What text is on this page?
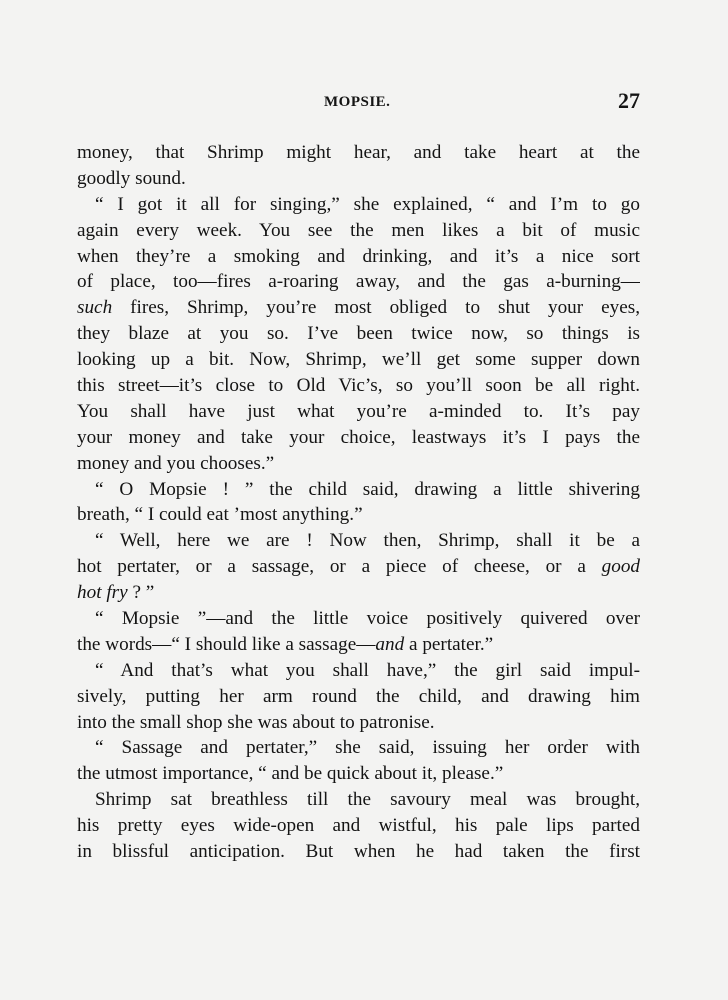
MOPSIE.	27
money, that Shrimp might hear, and take heart at the
goodly sound.
“ I got it all for singing,” she explained, “ and I’m to go
again every week. You see the men likes a bit of music
when they’re a smoking and drinking, and it’s a nice sort
of place, too—fires a-roaring away, and the gas a-burning—
such fires, Shrimp, you’re most obliged to shut your eyes,
they blaze at you so. I’ve been twice now, so things is
looking up a bit. Now, Shrimp, we’ll get some supper down
this street—it’s close to Old Vic’s, so you’ll soon be all right.
You shall have just what you’re a-minded to. It’s pay
your money and take your choice, leastways it’s I pays the
money and you chooses.”
“ O Mopsie ! ” the child said, drawing a little shivering
breath, “ I could eat ’most anything.”
“ Well, here we are ! Now then, Shrimp, shall it be a
hot pertater, or a sassage, or a piece of cheese, or a good
hot fry ? ”
“ Mopsie ”—and the little voice positively quivered over
the words—“ I should like a sassage—and a pertater.”
“ And that’s what you shall have,” the girl said impul-
sively, putting her arm round the child, and drawing him
into the small shop she was about to patronise.
“ Sassage and pertater,” she said, issuing her order with
the utmost importance, “ and be quick about it, please.”
Shrimp sat breathless till the savoury meal was brought,
his pretty eyes wide-open and wistful, his pale lips parted
in blissful anticipation. But when he had taken the first
